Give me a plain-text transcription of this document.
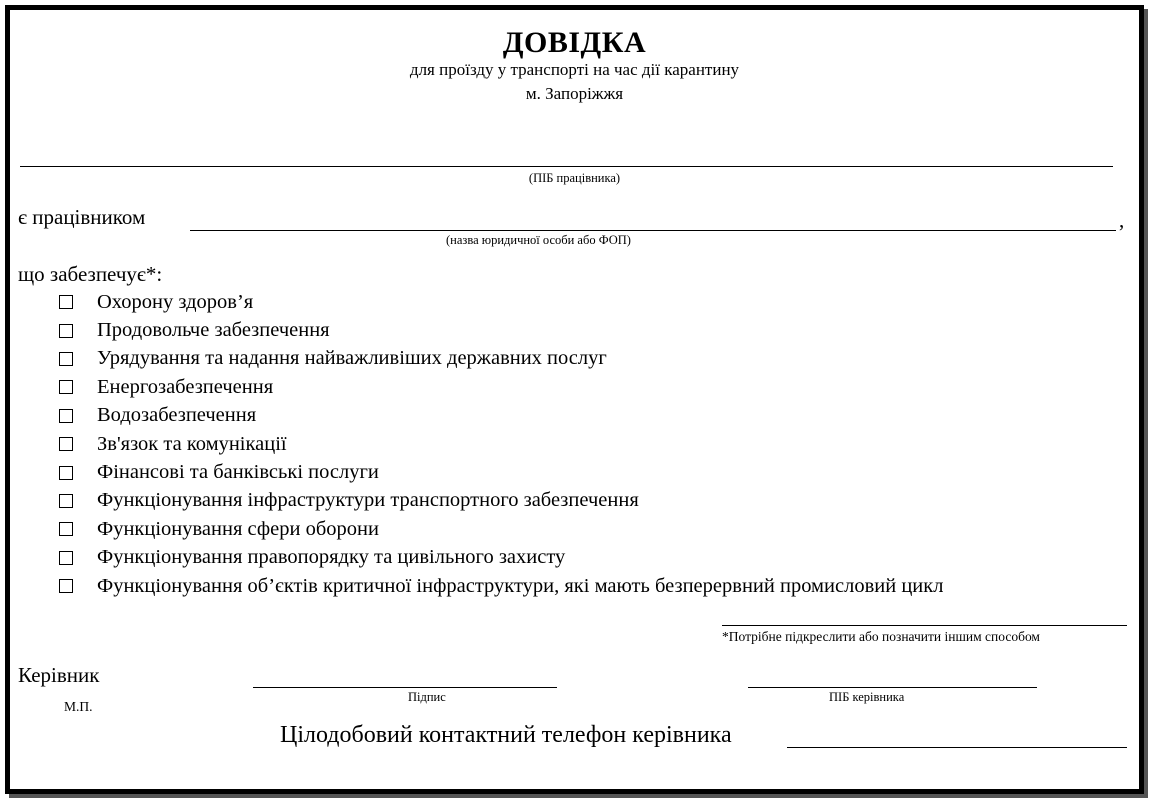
ДОВІДКА
для проїзду у транспорті на час дії карантину
м. Запоріжжя
(ПІБ працівника)
є працівником	,
(назва юридичної особи або ФОП)
що забезпечує*:
Охорону здоров’я
Продовольче забезпечення
Урядування та надання найважливіших державних послуг
Енергозабезпечення
Водозабезпечення
Зв'язок та комунікації
Фінансові та банківські послуги
Функціонування інфраструктури транспортного забезпечення
Функціонування сфери оборони
Функціонування правопорядку та цивільного захисту
Функціонування об’єктів критичної інфраструктури, які мають безперервний промисловий цикл
*Потрібне підкреслити або позначити іншим способом
Керівник
М.П.
Підпис	ПІБ керівника
Цілодобовий контактний телефон керівника
